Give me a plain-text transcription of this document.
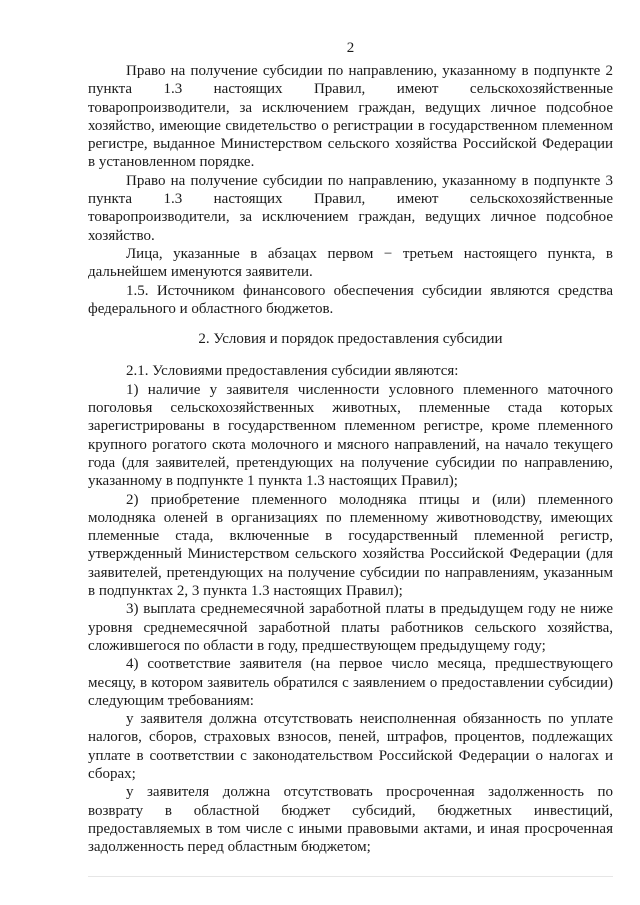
2

Право на получение субсидии по направлению, указанному в подпункте 2 пункта 1.3 настоящих Правил, имеют сельскохозяйственные товаропроизводители, за исключением граждан, ведущих личное подсобное хозяйство, имеющие свидетельство о регистрации в государственном племенном регистре, выданное Министерством сельского хозяйства Российской Федерации в установленном порядке.

Право на получение субсидии по направлению, указанному в подпункте 3 пункта 1.3 настоящих Правил, имеют сельскохозяйственные товаропроизводители, за исключением граждан, ведущих личное подсобное хозяйство.

Лица, указанные в абзацах первом − третьем настоящего пункта, в дальнейшем именуются заявители.

1.5. Источником финансового обеспечения субсидии являются средства федерального и областного бюджетов.

2. Условия и порядок предоставления субсидии

2.1. Условиями предоставления субсидии являются:

1) наличие у заявителя численности условного племенного маточного поголовья сельскохозяйственных животных, племенные стада которых зарегистрированы в государственном племенном регистре, кроме племенного крупного рогатого скота молочного и мясного направлений, на начало текущего года (для заявителей, претендующих на получение субсидии по направлению, указанному в подпункте 1 пункта 1.3 настоящих Правил);

2) приобретение племенного молодняка птицы и (или) племенного молодняка оленей в организациях по племенному животноводству, имеющих племенные стада, включенные в государственный племенной регистр, утвержденный Министерством сельского хозяйства Российской Федерации (для заявителей, претендующих на получение субсидии по направлениям, указанным в подпунктах 2, 3 пункта 1.3 настоящих Правил);

3) выплата среднемесячной заработной платы в предыдущем году не ниже уровня среднемесячной заработной платы работников сельского хозяйства, сложившегося по области в году, предшествующем предыдущему году;

4) соответствие заявителя (на первое число месяца, предшествующего месяцу, в котором заявитель обратился с заявлением о предоставлении субсидии) следующим требованиям:

у заявителя должна отсутствовать неисполненная обязанность по уплате налогов, сборов, страховых взносов, пеней, штрафов, процентов, подлежащих уплате в соответствии с законодательством Российской Федерации о налогах и сборах;

у заявителя должна отсутствовать просроченная задолженность по возврату в областной бюджет субсидий, бюджетных инвестиций, предоставляемых в том числе с иными правовыми актами, и иная просроченная задолженность перед областным бюджетом;
